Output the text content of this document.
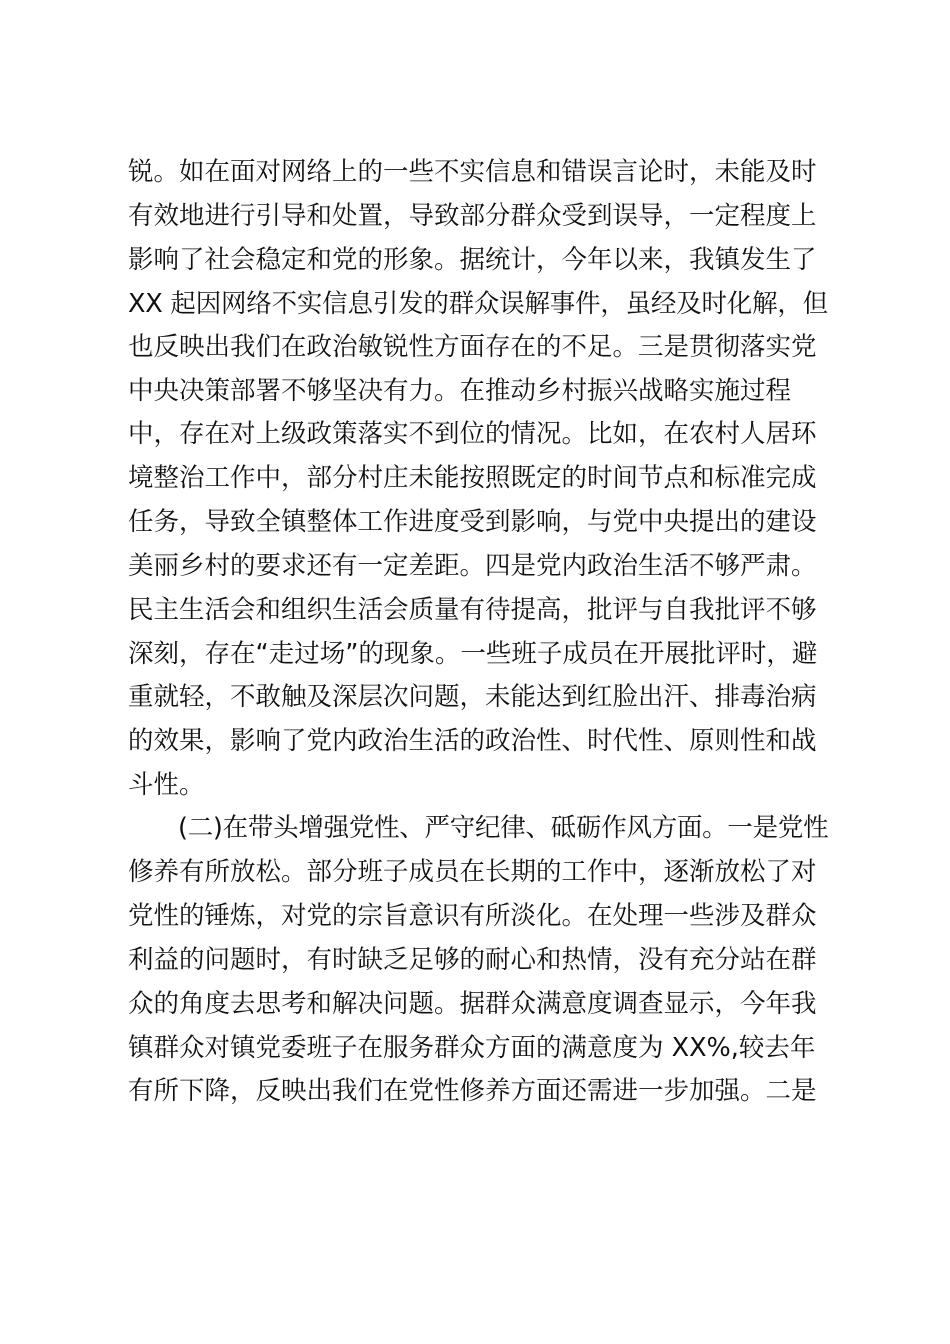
锐。如在面对网络上的一些不实信息和错误言论时，未能及时
有效地进行引导和处置，导致部分群众受到误导，一定程度上
影响了社会稳定和党的形象。据统计，今年以来，我镇发生了
XX 起因网络不实信息引发的群众误解事件，虽经及时化解，但
也反映出我们在政治敏锐性方面存在的不足。三是贯彻落实党
中央决策部署不够坚决有力。在推动乡村振兴战略实施过程
中，存在对上级政策落实不到位的情况。比如，在农村人居环
境整治工作中，部分村庄未能按照既定的时间节点和标准完成
任务，导致全镇整体工作进度受到影响，与党中央提出的建设
美丽乡村的要求还有一定差距。四是党内政治生活不够严肃。
民主生活会和组织生活会质量有待提高，批评与自我批评不够
深刻，存在“走过场”的现象。一些班子成员在开展批评时，避
重就轻，不敢触及深层次问题，未能达到红脸出汗、排毒治病
的效果，影响了党内政治生活的政治性、时代性、原则性和战
斗性。
(二)在带头增强党性、严守纪律、砥砺作风方面。一是党性
修养有所放松。部分班子成员在长期的工作中，逐渐放松了对
党性的锤炼，对党的宗旨意识有所淡化。在处理一些涉及群众
利益的问题时，有时缺乏足够的耐心和热情，没有充分站在群
众的角度去思考和解决问题。据群众满意度调查显示，今年我
镇群众对镇党委班子在服务群众方面的满意度为 XX%,较去年
有所下降，反映出我们在党性修养方面还需进一步加强。二是
